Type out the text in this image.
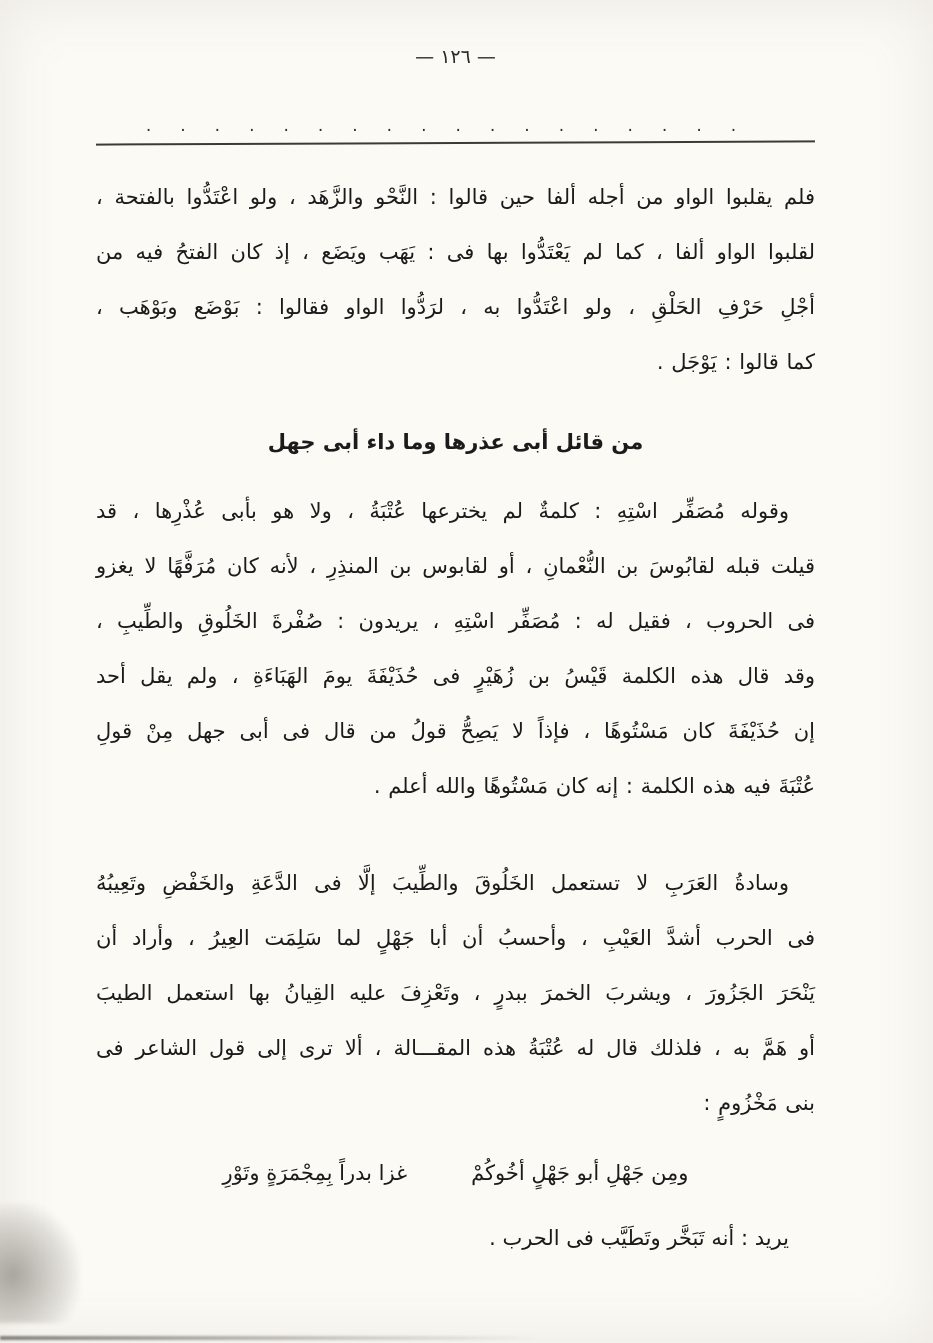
— ١٢٦ —
..................
فلم يقلبوا الواو من أجله ألفا حين قالوا : النَّحْو والزَّهَد ، ولو اعْتَدُّوا بالفتحة ،
لقلبوا الواو ألفا ، كما لم يَعْتَدُّوا بها فى : يَهَب ويَضَع ، إذ كان الفتحُ فيه من
أجْلِ حَرْفِ الحَلْقِ ، ولو اعْتَدُّوا به ، لرَدُّوا الواو فقالوا : بَوْضَع وبَوْهَب ،
كما قالوا : يَوْجَل .
من قائل أبى عذرها وما داء أبى جهل
وقوله مُصَفِّر اسْتِهِ : كلمةٌ لم يخترعها عُتْبَةُ ، ولا هو بأبى عُذْرِها ، قد
قيلت قبله لقابُوسَ بن النُّعْمانِ ، أو لقابوس بن المنذِرِ ، لأنه كان مُرَفَّهًا لا يغزو
فى الحروب ، فقيل له : مُصَفِّر اسْتِهِ ، يريدون : صُفْرةَ الخَلُوقِ والطِّيبِ ،
وقد قال هذه الكلمة قَيْسُ بن زُهَيْرٍ فى حُذَيْفَةَ يومَ الهَبَاءَةِ ، ولم يقل أحد
إن حُذَيْفَةَ كان مَسْتُوهًا ، فإذاً لا يَصِحُّ قولُ من قال فى أبى جهل مِنْ قولِ
عُتْبَةَ فيه هذه الكلمة : إنه كان مَسْتُوهًا والله أعلم .
وسادةُ العَرَبِ لا تستعمل الخَلُوقَ والطِّيبَ إلَّا فى الدَّعَةِ والخَفْضِ وتَعِيبُهُ
فى الحرب أشدَّ العَيْبِ ، وأحسبُ أن أبا جَهْلٍ لما سَلِمَت العِيرُ ، وأراد أن
يَنْحَرَ الجَزُورَ ، ويشربَ الخمرَ ببدرٍ ، وتَعْزِفَ عليه القِيانُ بها استعمل الطيبَ
أو هَمَّ به ، فلذلك قال له عُتْبَةُ هذه المقـــالة ، ألا ترى إلى قول الشاعر فى
بنى مَخْزُومٍ :
ومِن جَهْلِ أبو جَهْلٍ أخُوكُمْ
غزا بدراً بِمِجْمَرَةٍ وتَوْرِ
يريد : أنه تَبَخَّر وتَطَيَّب فى الحرب .
